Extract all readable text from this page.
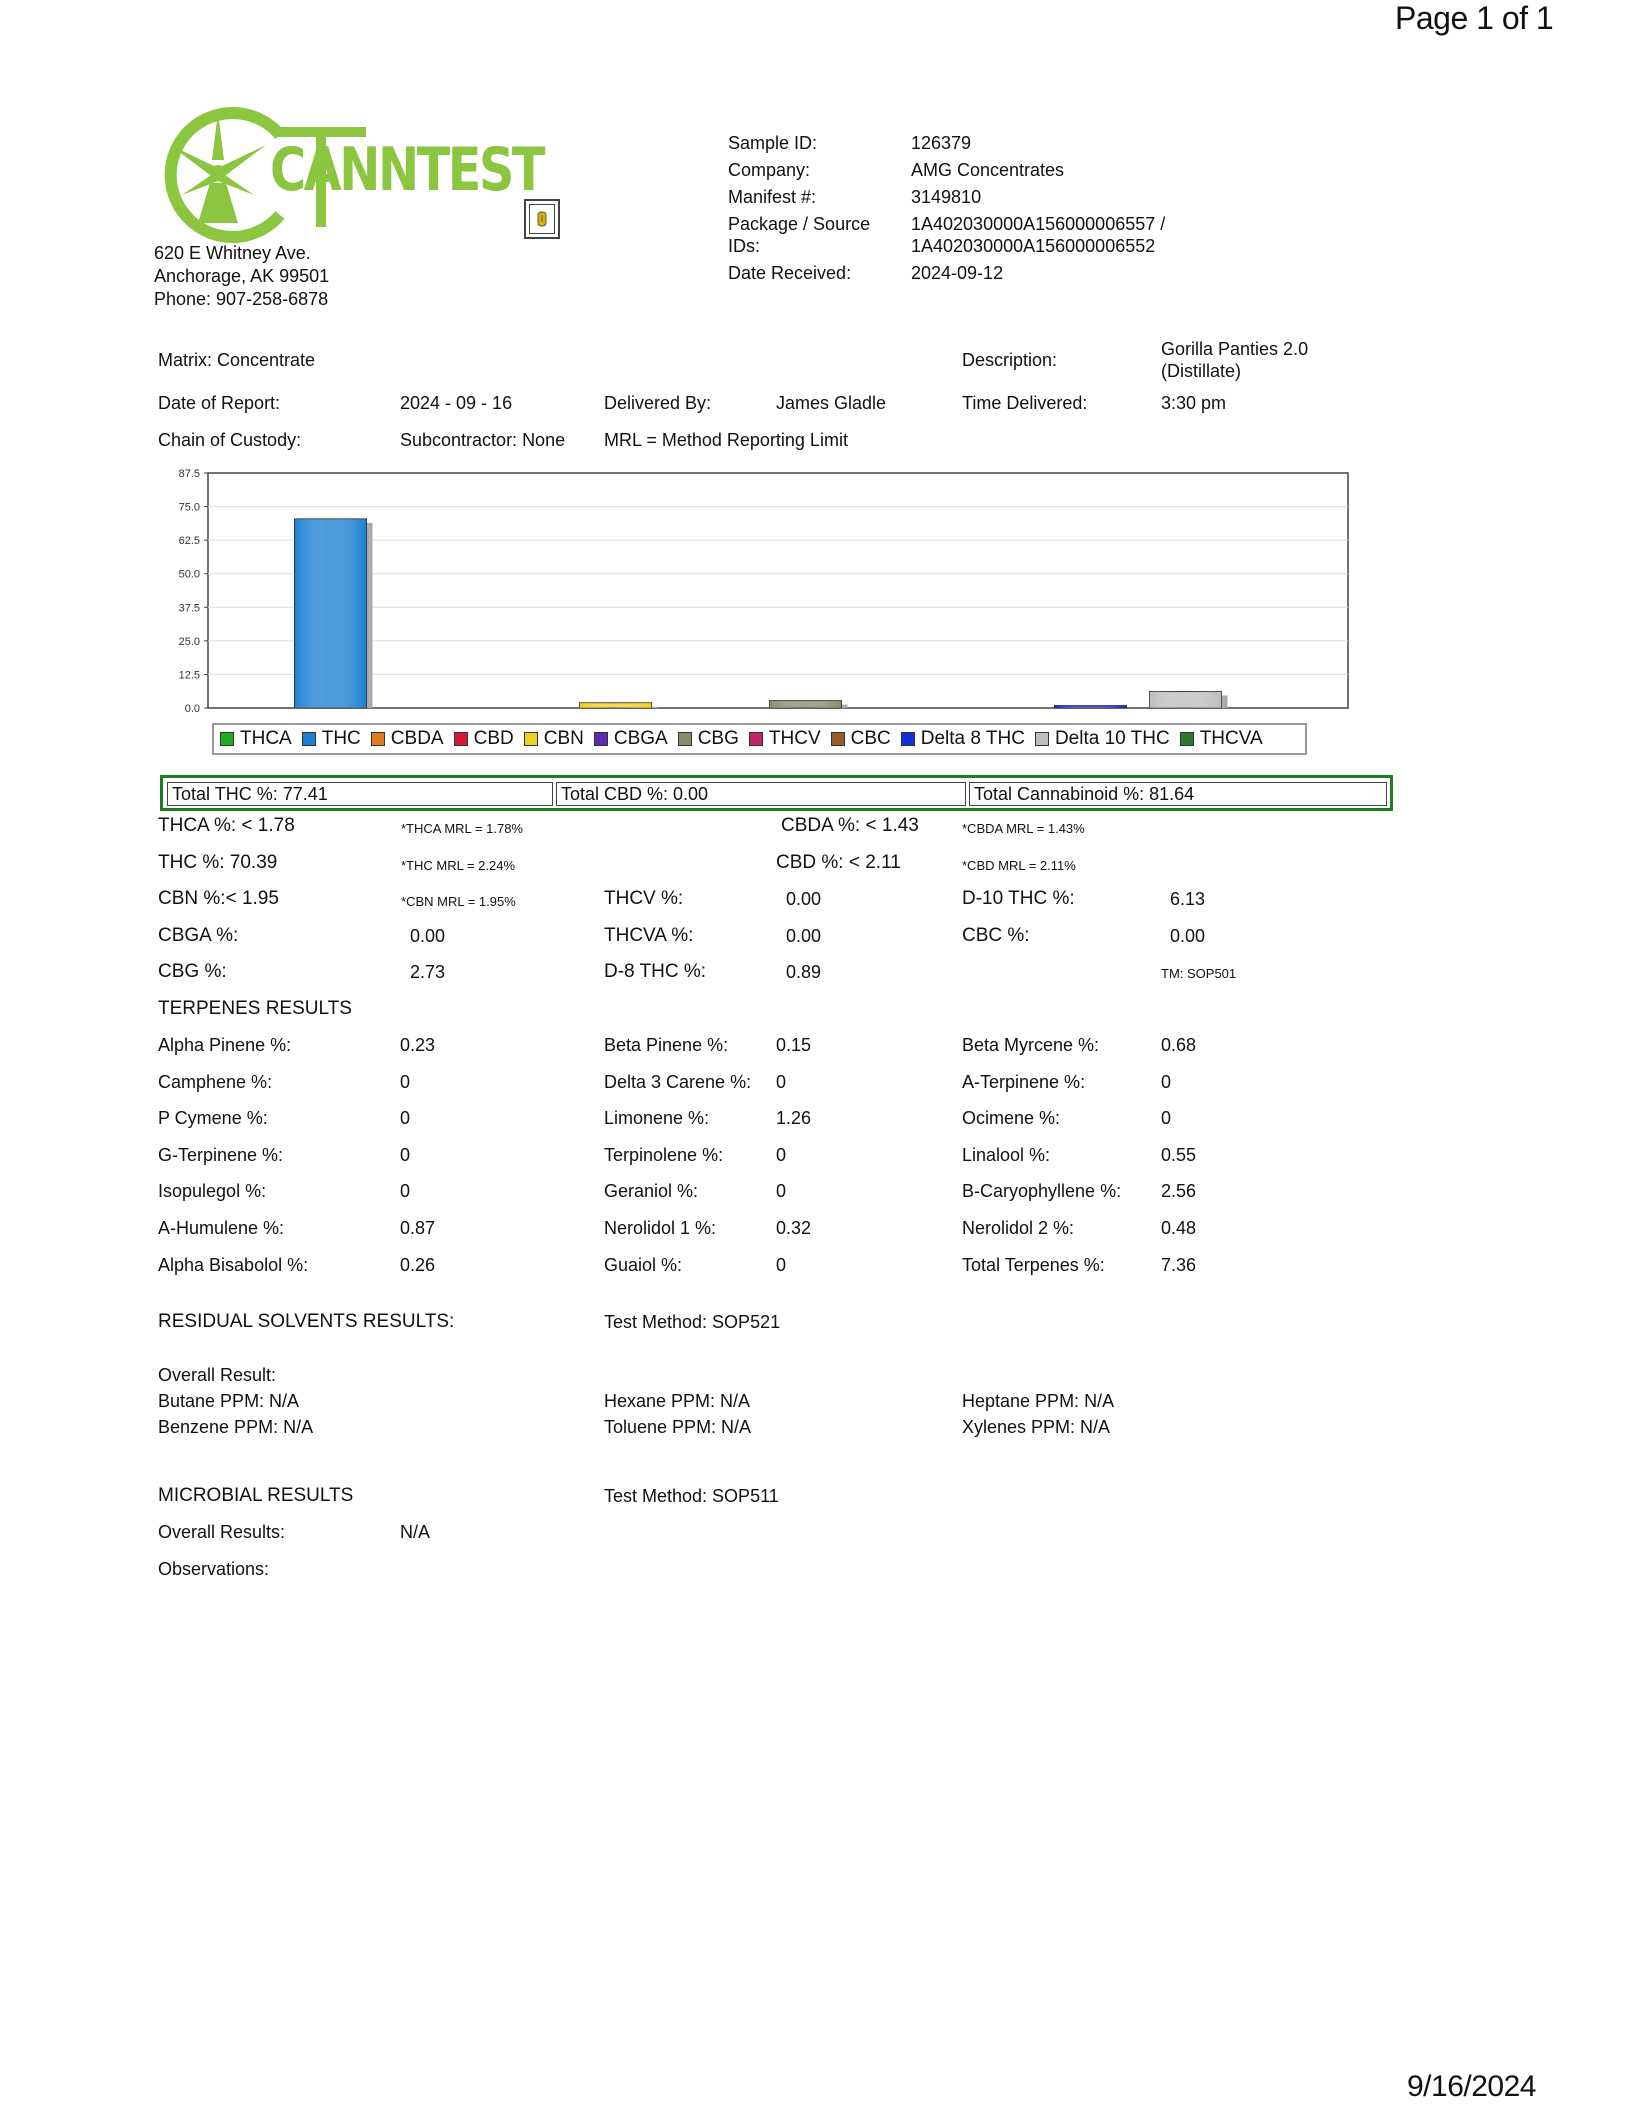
Page 1 of 1
9/16/2024
CANNTEST
620 E Whitney Ave.
Anchorage, AK 99501
Phone: 907-258-6878
Sample ID:	126379
Company:	AMG Concentrates
Manifest #:	3149810
Package / Source
IDs:
1A402030000A156000006557 /
1A402030000A156000006552
Date Received:	2024-09-12
Matrix: Concentrate	Description:
Gorilla Panties 2.0
(Distillate)
Date of Report:	2024 - 09 - 16	Delivered By:	James Gladle	Time Delivered:	3:30 pm
Chain of Custody:	Subcontractor: None MRL = Method Reporting Limit
87.5
75.0
62.5
50.0
37.5
25.0
12.5
0.0
THCA THC CBDA CBD CBN CBGA CBG THCV CBC Delta 8 THC Delta 10 THC THCVA
Total THC %: 77.41	Total CBD %: 0.00	Total Cannabinoid %: 81.64
THCA %: < 1.78	*THCA MRL = 1.78%	CBDA %: < 1.43	*CBDA MRL = 1.43%
THC %: 70.39	*THC MRL = 2.24%	CBD %: < 2.11	*CBD MRL = 2.11%
CBN %:< 1.95	*CBN MRL = 1.95%	THCV %:	0.00	D-10 THC %:	6.13
CBGA %:	0.00	THCVA %:	0.00	CBC %:	0.00
CBG %:	2.73	D-8 THC %:	0.89	TM: SOP501
TERPENES RESULTS
Alpha Pinene %:	0.23	Beta Pinene %:	0.15	Beta Myrcene %:	0.68
Camphene %:	0	Delta 3 Carene %: 0	A-Terpinene %:	0
P Cymene %:	0	Limonene %:	1.26	Ocimene %:	0
G-Terpinene %:	0	Terpinolene %:	0	Linalool %:	0.55
Isopulegol %:	0	Geraniol %:	0	B-Caryophyllene %: 2.56
A-Humulene %:	0.87	Nerolidol 1 %:	0.32	Nerolidol 2 %:	0.48
Alpha Bisabolol %:	0.26	Guaiol %:	0	Total Terpenes %:	7.36
RESIDUAL SOLVENTS RESULTS:	Test Method: SOP521
Overall Result:
Butane PPM: N/A	Hexane PPM: N/A	Heptane PPM: N/A
Benzene PPM: N/A	Toluene PPM: N/A	Xylenes PPM: N/A
MICROBIAL RESULTS	Test Method: SOP511
Overall Results:	N/A
Observations:
